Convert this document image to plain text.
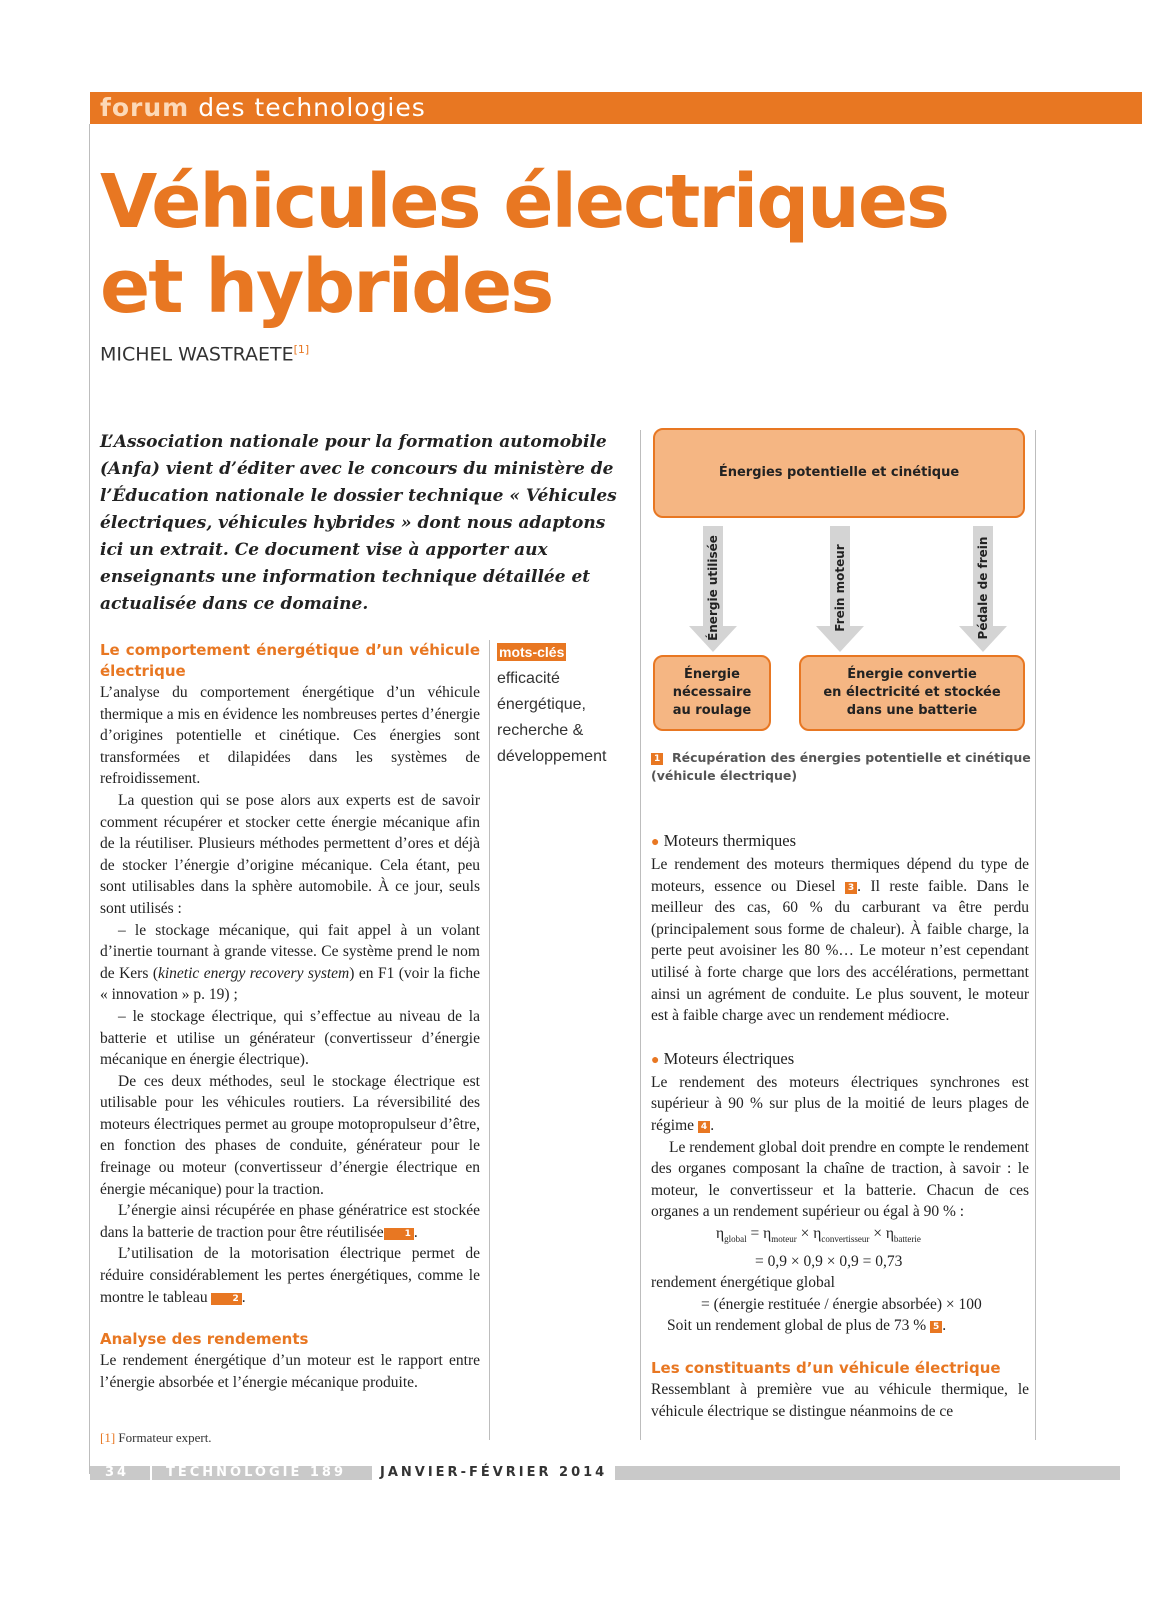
forum des technologies
Véhicules électriques et hybrides
MICHEL WASTRAETE[1]
L’Association nationale pour la formation automobile (Anfa) vient d’éditer avec le concours du ministère de l’Éducation nationale le dossier technique « Véhicules électriques, véhicules hybrides » dont nous adaptons ici un extrait. Ce document vise à apporter aux enseignants une information technique détaillée et actualisée dans ce domaine.
Le comportement énergétique d’un véhicule électrique

L’analyse du comportement énergétique d’un véhicule thermique a mis en évidence les nombreuses pertes d’énergie d’origines potentielle et cinétique. Ces énergies sont transformées et dilapidées dans les systèmes de refroidissement.

La question qui se pose alors aux experts est de savoir comment récupérer et stocker cette énergie mécanique afin de la réutiliser. Plusieurs méthodes permettent d’ores et déjà de stocker l’énergie d’origine mécanique. Cela étant, peu sont utilisables dans la sphère automobile. À ce jour, seuls sont utilisés :

– le stockage mécanique, qui fait appel à un volant d’inertie tournant à grande vitesse. Ce système prend le nom de Kers (kinetic energy recovery system) en F1 (voir la fiche « innovation » p. 19) ;

– le stockage électrique, qui s’effectue au niveau de la batterie et utilise un générateur (convertisseur d’énergie mécanique en énergie électrique).

De ces deux méthodes, seul le stockage électrique est utilisable pour les véhicules routiers. La réversibilité des moteurs électriques permet au groupe motopropulseur d’être, en fonction des phases de conduite, générateur pour le freinage ou moteur (convertisseur d’énergie électrique en énergie mécanique) pour la traction.

L’énergie ainsi récupérée en phase génératrice est stockée dans la batterie de traction pour être réutilisée 1 .

L’utilisation de la motorisation électrique permet de réduire considérablement les pertes énergétiques, comme le montre le tableau	2 .

Analyse des rendements

Le rendement énergétique d’un moteur est le rapport entre l’énergie absorbée et l’énergie mécanique produite.

mots-clés
efficacité
énergétique,
recherche &
développement
Énergies potentielle et cinétique
Énergie utilisée	Frein moteur	Pédale de frein
Énergie
nécessaire
au roulage
Énergie convertie
en électricité et stockée
dans une batterie
1 Récupération des énergies potentielle et cinétique (véhicule électrique)
● Moteurs thermiques

Le rendement des moteurs thermiques dépend du type de moteurs, essence ou Diesel 3 . Il reste faible. Dans le meilleur des cas, 60 % du carburant va être perdu (principalement sous forme de chaleur). À faible charge, la perte peut avoisiner les 80 %… Le moteur n’est cependant utilisé à forte charge que lors des accélérations, permettant ainsi un agrément de conduite. Le plus souvent, le moteur est à faible charge avec un rendement médiocre.

● Moteurs électriques

Le rendement des moteurs électriques synchrones est supérieur à 90 % sur plus de la moitié de leurs plages de régime 4 .

Le rendement global doit prendre en compte le rendement des organes composant la chaîne de traction, à savoir : le moteur, le convertisseur et la batterie. Chacun de ces organes a un rendement supérieur ou égal à 90 % :

$\eta_{global} = \eta_{moteur} \times \eta_{convertisseur} \times \eta_{batterie}$
= 0,9 × 0,9 × 0,9 = 0,73
rendement énergétique global
= (énergie restituée / énergie absorbée) × 100
Soit un rendement global de plus de 73 % 5 .
Les constituants d’un véhicule électrique

Ressemblant à première vue au véhicule thermique, le véhicule électrique se distingue néanmoins de ce

[1] Formateur expert.
34	TECHNOLOGIE 189	JANVIER-FÉVRIER 2014
